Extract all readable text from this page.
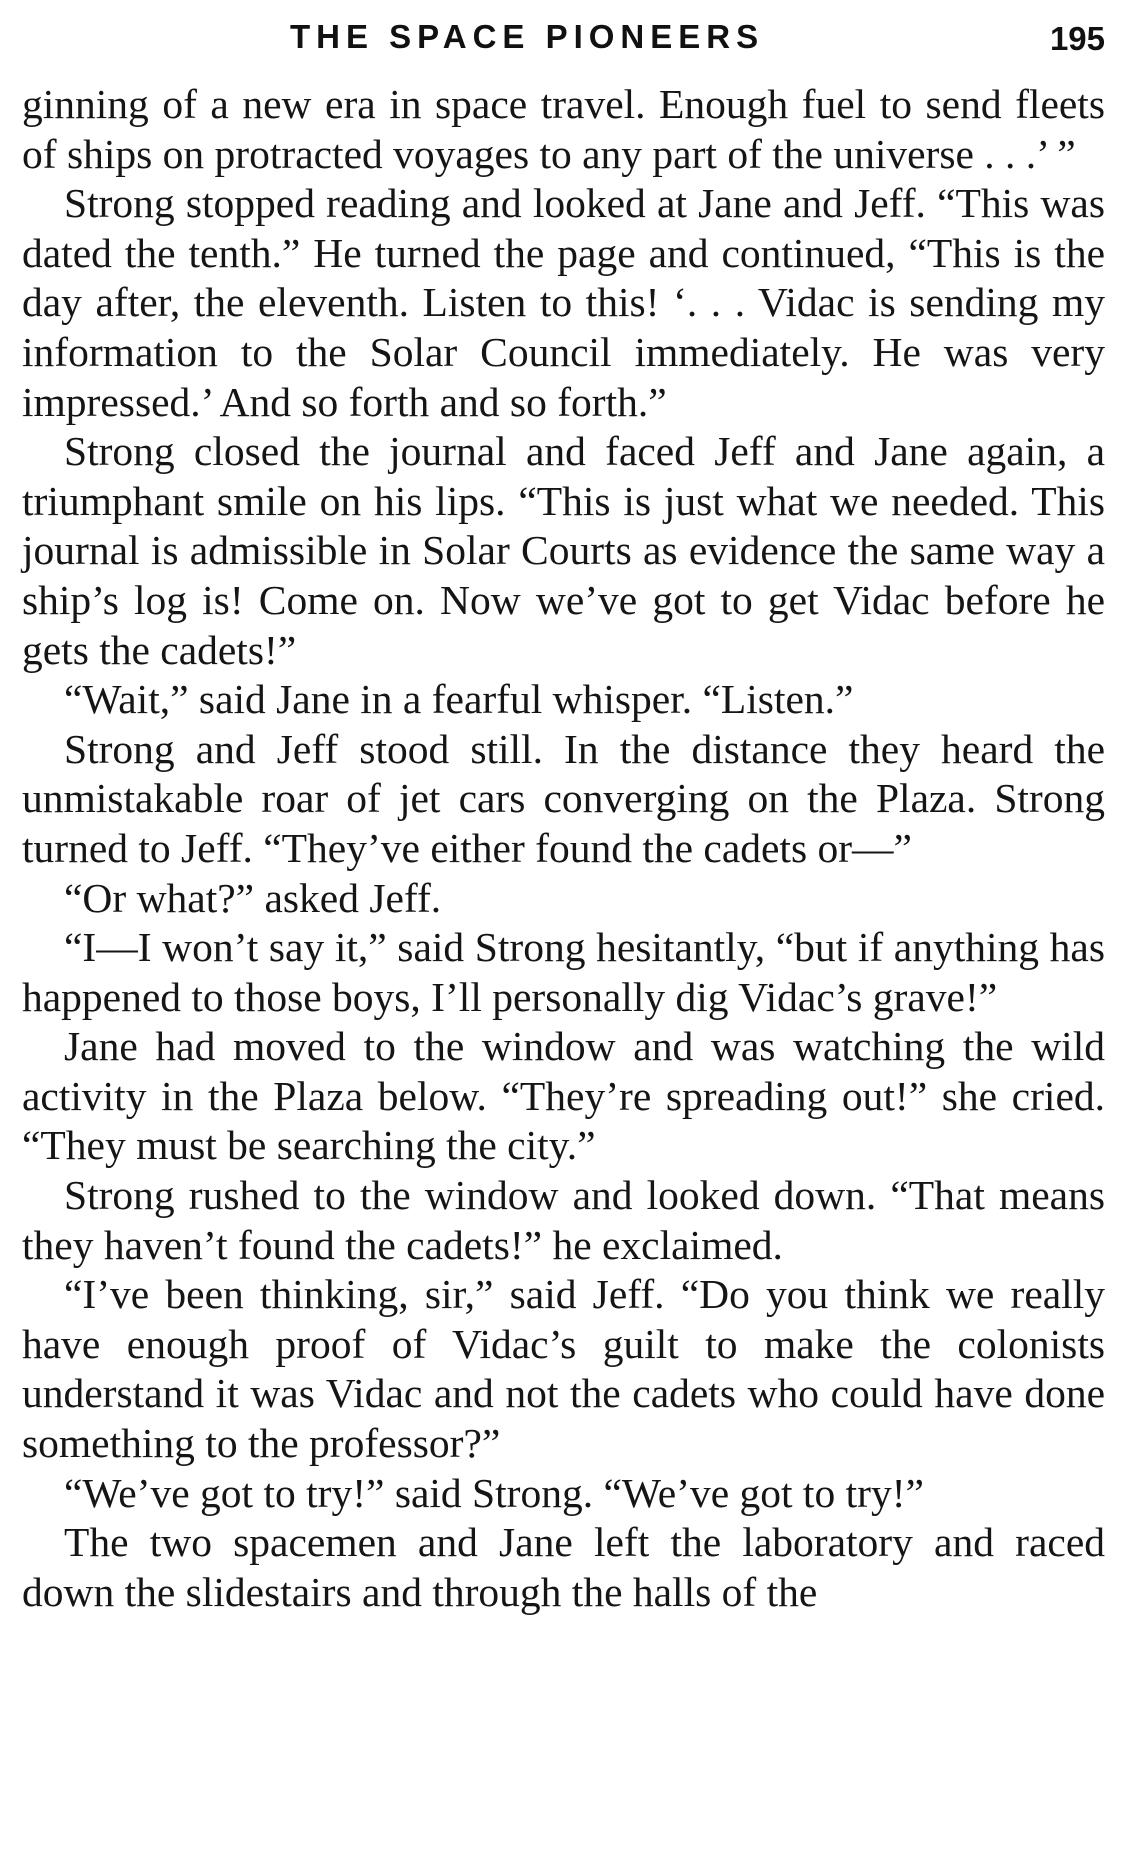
THE SPACE PIONEERS	195

ginning of a new era in space travel. Enough fuel to send fleets of ships on protracted voyages to any part of the universe . . .’ ”

Strong stopped reading and looked at Jane and Jeff. “This was dated the tenth.” He turned the page and continued, “This is the day after, the eleventh. Listen to this! ‘. . . Vidac is sending my information to the Solar Council immediately. He was very impressed.’ And so forth and so forth.”

Strong closed the journal and faced Jeff and Jane again, a triumphant smile on his lips. “This is just what we needed. This journal is admissible in Solar Courts as evidence the same way a ship’s log is! Come on. Now we’ve got to get Vidac before he gets the cadets!”

“Wait,” said Jane in a fearful whisper. “Listen.”

Strong and Jeff stood still. In the distance they heard the unmistakable roar of jet cars converging on the Plaza. Strong turned to Jeff. “They’ve either found the cadets or—”

“Or what?” asked Jeff.

“I—I won’t say it,” said Strong hesitantly, “but if anything has happened to those boys, I’ll personally dig Vidac’s grave!”

Jane had moved to the window and was watching the wild activity in the Plaza below. “They’re spreading out!” she cried. “They must be searching the city.”

Strong rushed to the window and looked down. “That means they haven’t found the cadets!” he exclaimed.

“I’ve been thinking, sir,” said Jeff. “Do you think we really have enough proof of Vidac’s guilt to make the colonists understand it was Vidac and not the cadets who could have done something to the professor?”

“We’ve got to try!” said Strong. “We’ve got to try!”

The two spacemen and Jane left the laboratory and raced down the slidestairs and through the halls of the
